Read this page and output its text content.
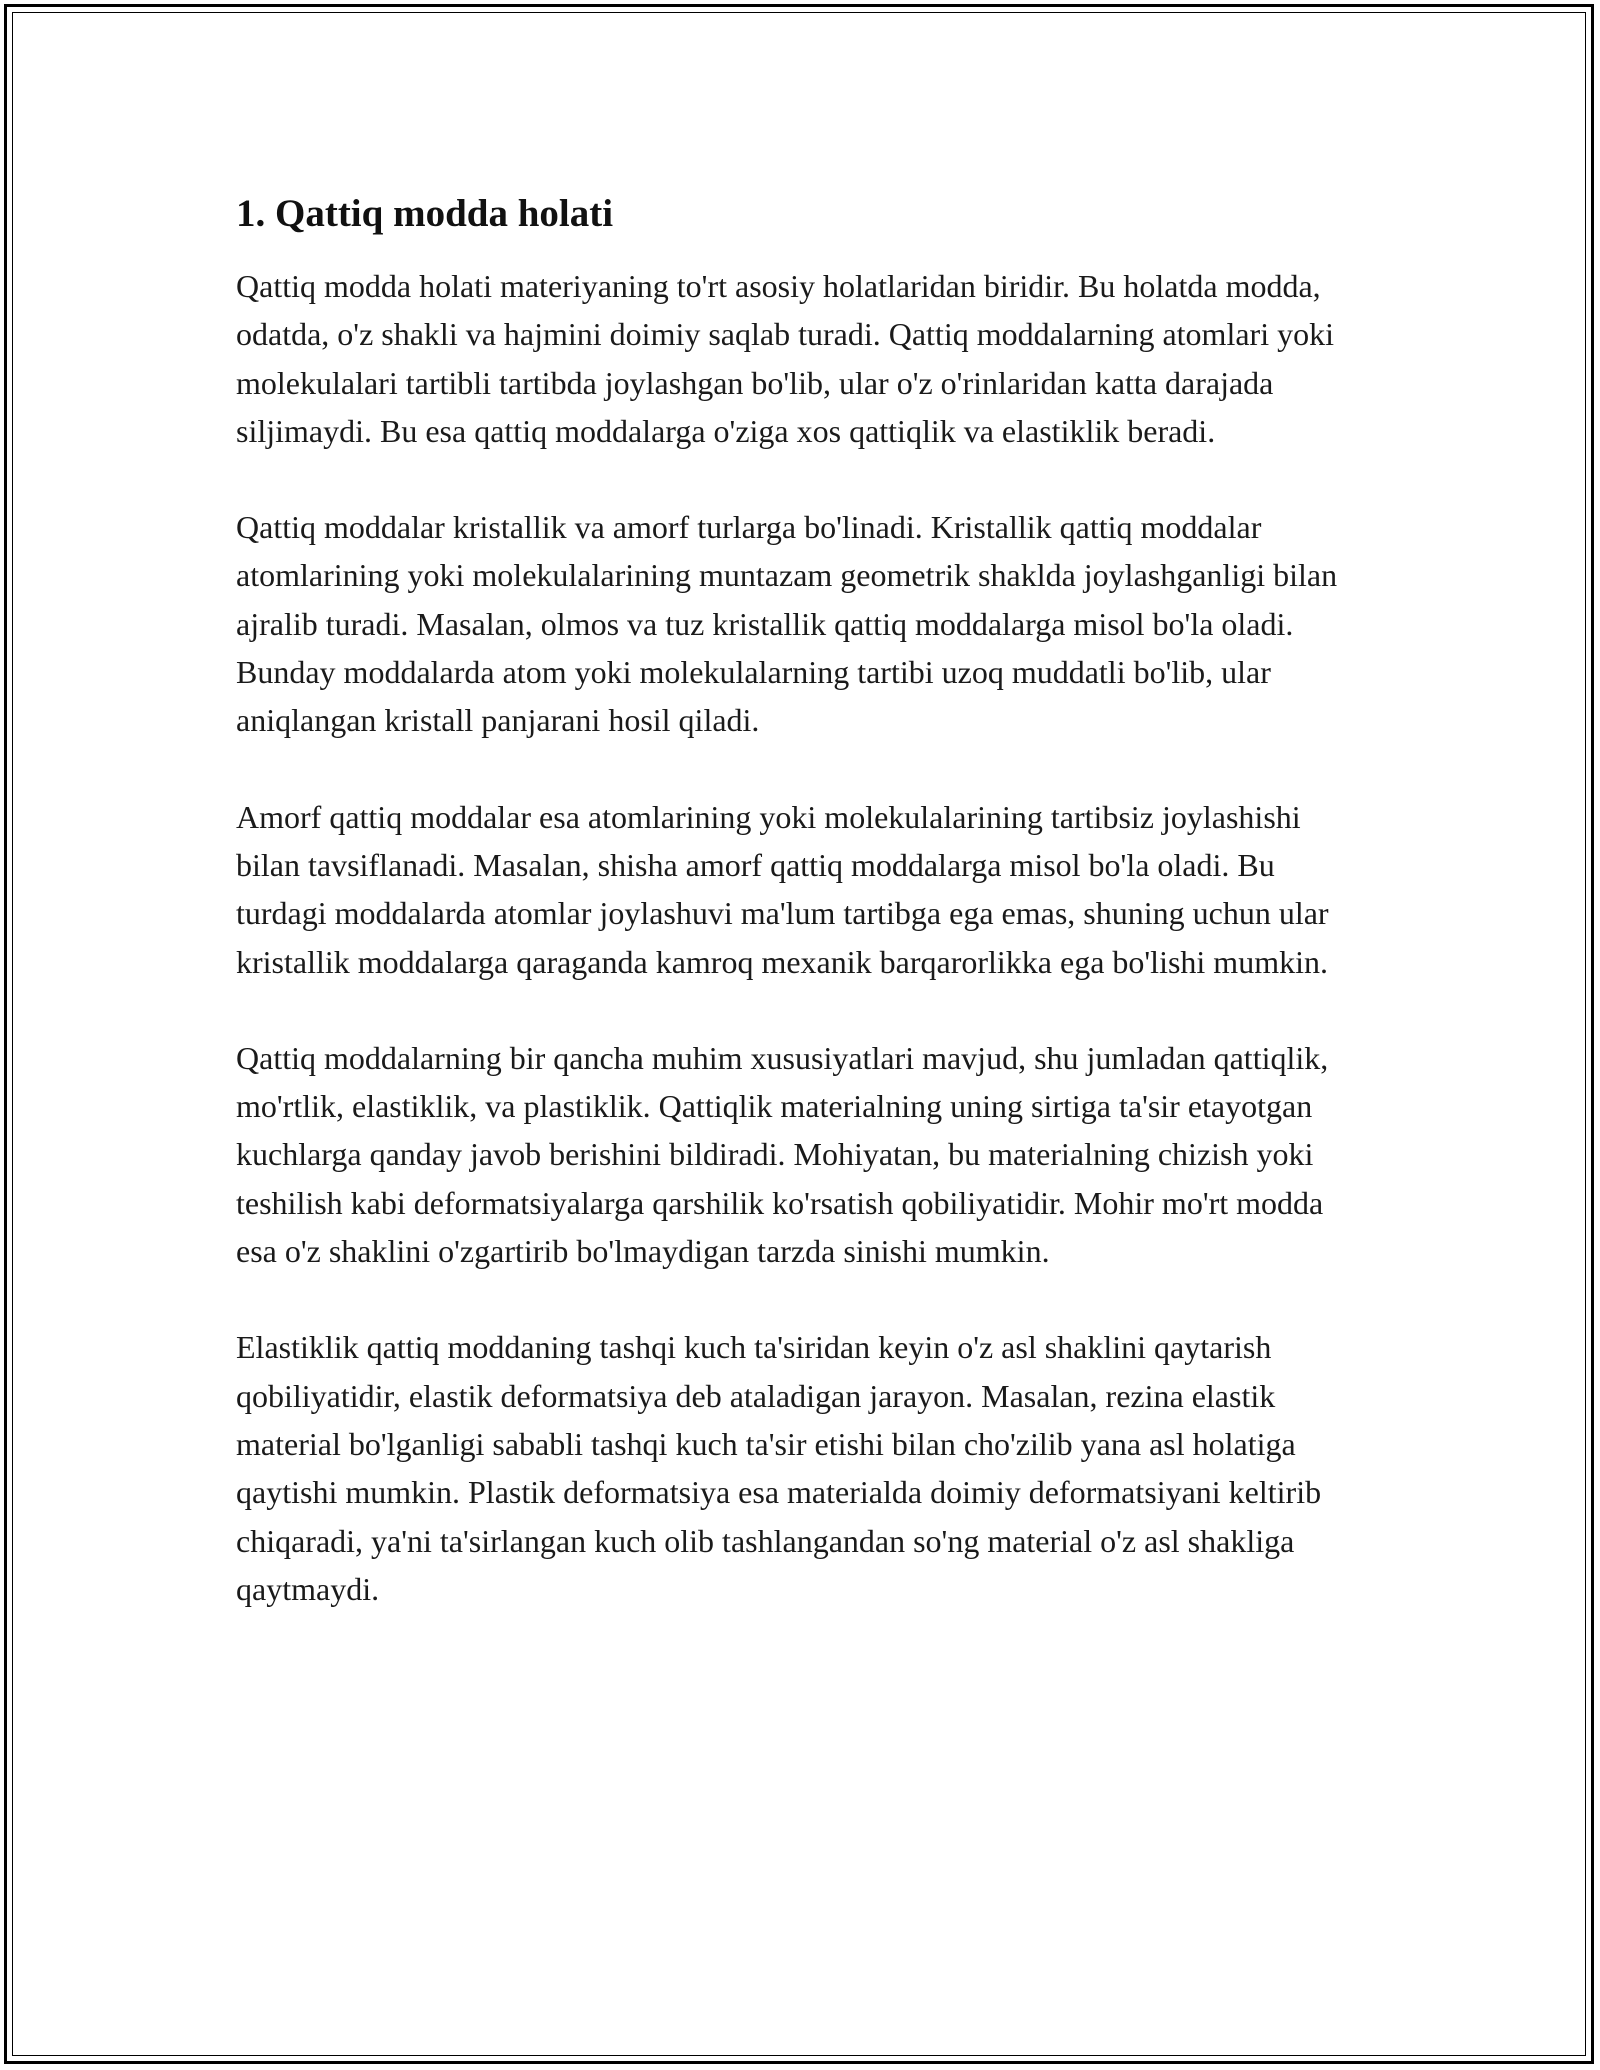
1. Qattiq modda holati

Qattiq modda holati materiyaning to'rt asosiy holatlaridan biridir. Bu holatda modda, odatda, o'z shakli va hajmini doimiy saqlab turadi. Qattiq moddalarning atomlari yoki molekulalari tartibli tartibda joylashgan bo'lib, ular o'z o'rinlaridan katta darajada siljimaydi. Bu esa qattiq moddalarga o'ziga xos qattiqlik va elastiklik beradi.

Qattiq moddalar kristallik va amorf turlarga bo'linadi. Kristallik qattiq moddalar atomlarining yoki molekulalarining muntazam geometrik shaklda joylashganligi bilan ajralib turadi. Masalan, olmos va tuz kristallik qattiq moddalarga misol bo'la oladi. Bunday moddalarda atom yoki molekulalarning tartibi uzoq muddatli bo'lib, ular aniqlangan kristall panjarani hosil qiladi.

Amorf qattiq moddalar esa atomlarining yoki molekulalarining tartibsiz joylashishi bilan tavsiflanadi. Masalan, shisha amorf qattiq moddalarga misol bo'la oladi. Bu turdagi moddalarda atomlar joylashuvi ma'lum tartibga ega emas, shuning uchun ular kristallik moddalarga qaraganda kamroq mexanik barqarorlikka ega bo'lishi mumkin.

Qattiq moddalarning bir qancha muhim xususiyatlari mavjud, shu jumladan qattiqlik, mo'rtlik, elastiklik, va plastiklik. Qattiqlik materialning uning sirtiga ta'sir etayotgan kuchlarga qanday javob berishini bildiradi. Mohiyatan, bu materialning chizish yoki teshilish kabi deformatsiyalarga qarshilik ko'rsatish qobiliyatidir. Mohir mo'rt modda esa o'z shaklini o'zgartirib bo'lmaydigan tarzda sinishi mumkin.

Elastiklik qattiq moddaning tashqi kuch ta'siridan keyin o'z asl shaklini qaytarish qobiliyatidir, elastik deformatsiya deb ataladigan jarayon. Masalan, rezina elastik material bo'lganligi sababli tashqi kuch ta'sir etishi bilan cho'zilib yana asl holatiga qaytishi mumkin. Plastik deformatsiya esa materialda doimiy deformatsiyani keltirib chiqaradi, ya'ni ta'sirlangan kuch olib tashlangandan so'ng material o'z asl shakliga qaytmaydi.
